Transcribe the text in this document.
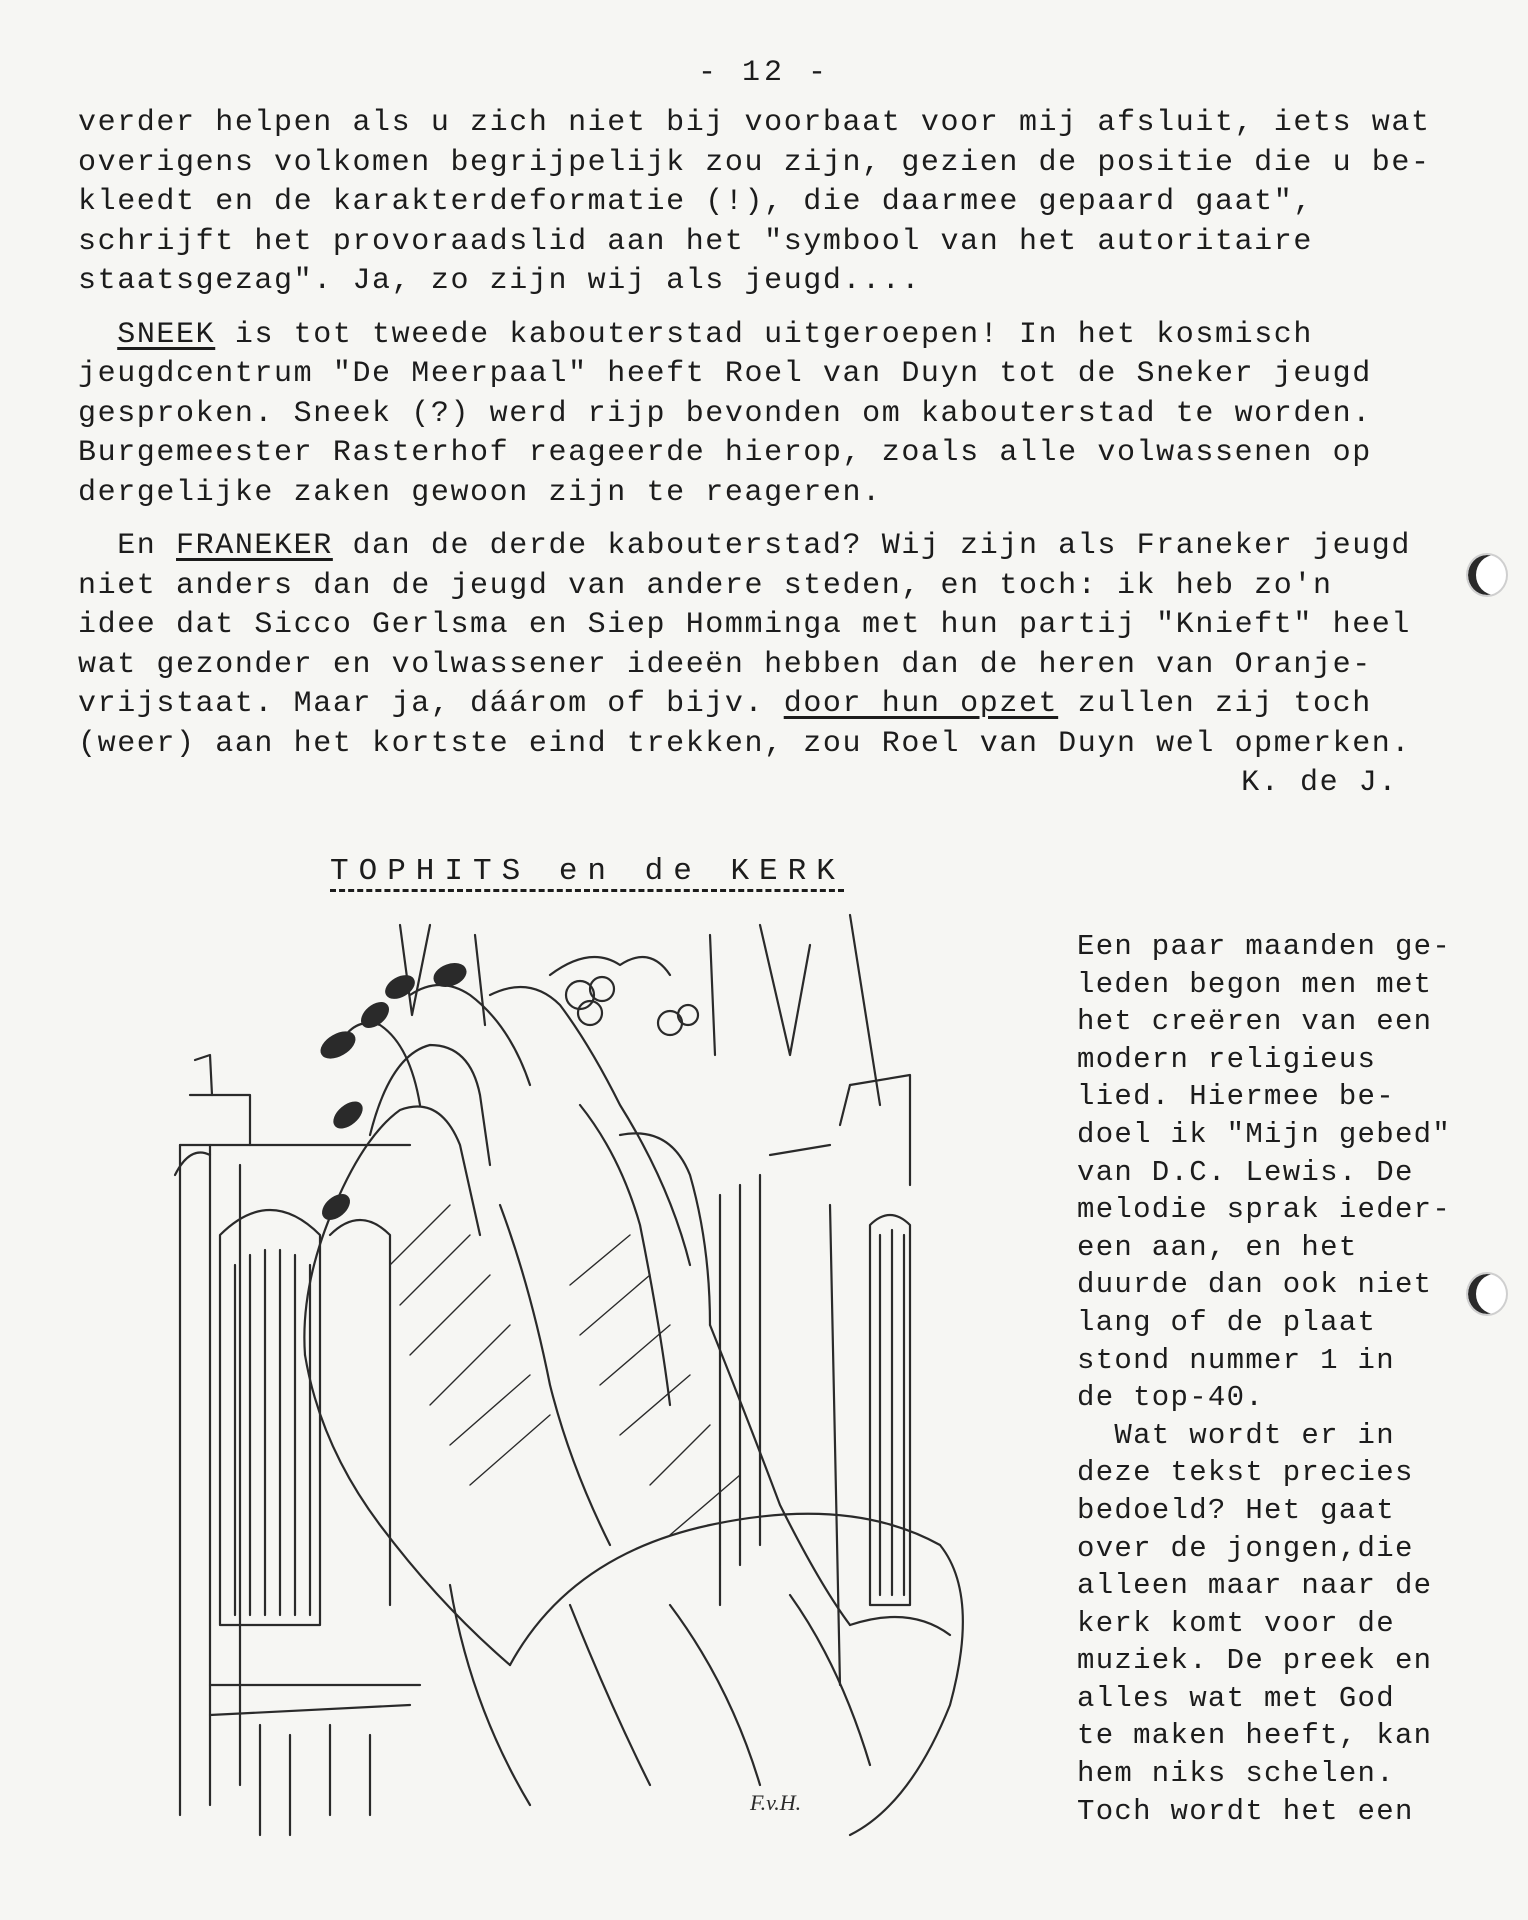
- 12 -

verder helpen als u zich niet bij voorbaat voor mij afsluit, iets wat
overigens volkomen begrijpelijk zou zijn, gezien de positie die u be-
kleedt en de karakterdeformatie (!), die daarmee gepaard gaat",
schrijft het provoraadslid aan het "symbool van het autoritaire
staatsgezag". Ja, zo zijn wij als jeugd....

SNEEK is tot tweede kabouterstad uitgeroepen! In het kosmisch
jeugdcentrum "De Meerpaal" heeft Roel van Duyn tot de Sneker jeugd
gesproken. Sneek (?) werd rijp bevonden om kabouterstad te worden.
Burgemeester Rasterhof reageerde hierop, zoals alle volwassenen op
dergelijke zaken gewoon zijn te reageren.

En FRANEKER dan de derde kabouterstad? Wij zijn als Franeker jeugd
niet anders dan de jeugd van andere steden, en toch: ik heb zo'n
idee dat Sicco Gerlsma en Siep Homminga met hun partij "Knieft" heel
wat gezonder en volwassener ideeën hebben dan de heren van Oranje-
vrijstaat. Maar ja, dáárom of bijv. door hun opzet zullen zij toch
(weer) aan het kortste eind trekken, zou Roel van Duyn wel opmerken.
K. de J.

TOPHITS en de KERK
F.v.H.
Een paar maanden ge-
leden begon men met
het creëren van een
modern religieus
lied. Hiermee be-
doel ik "Mijn gebed"
van D.C. Lewis. De
melodie sprak ieder-
een aan, en het
duurde dan ook niet
lang of de plaat
stond nummer 1 in
de top-40.
Wat wordt er in
deze tekst precies
bedoeld? Het gaat
over de jongen,die
alleen maar naar de
kerk komt voor de
muziek. De preek en
alles wat met God
te maken heeft, kan
hem niks schelen.
Toch wordt het een
